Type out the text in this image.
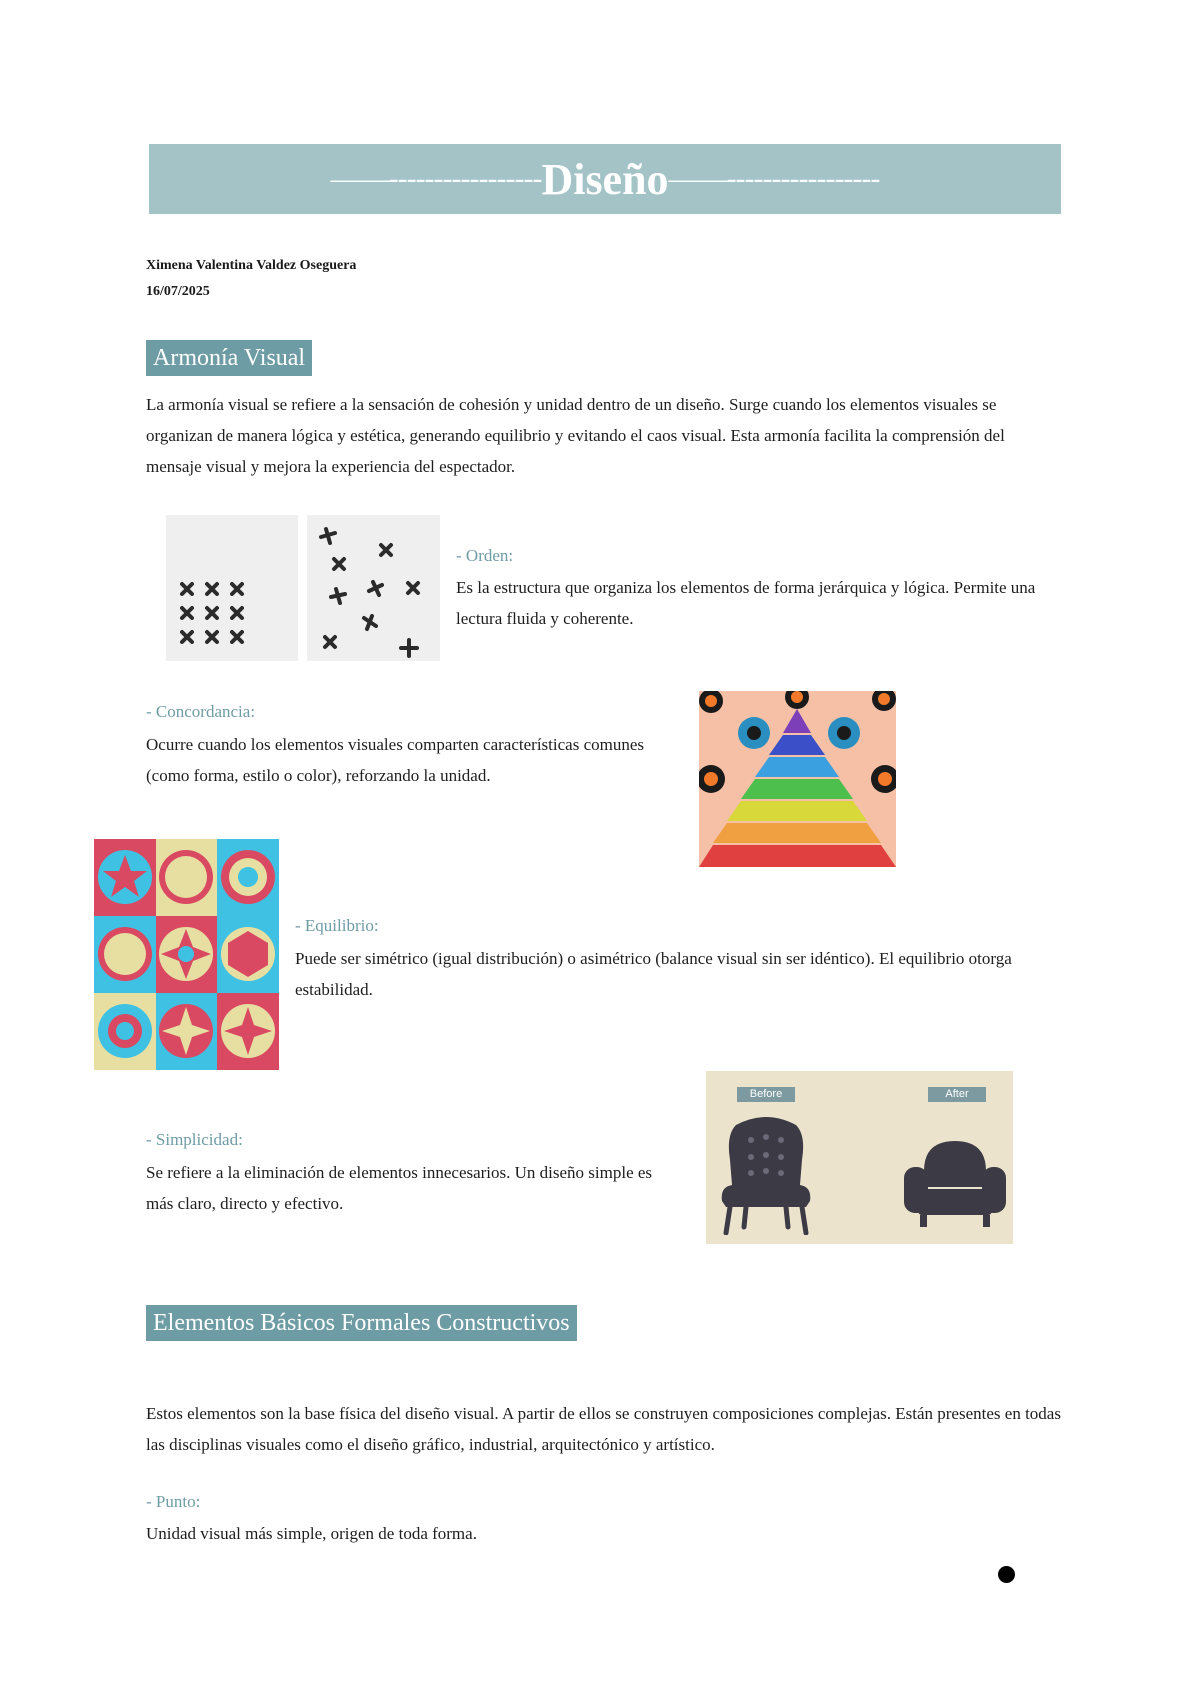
——----------------- Diseño ——-----------------
Ximena Valentina Valdez Oseguera
16/07/2025
Armonía Visual
La armonía visual se refiere a la sensación de cohesión y unidad dentro de un diseño. Surge cuando los elementos visuales se organizan de manera lógica y estética, generando equilibrio y evitando el caos visual. Esta armonía facilita la comprensión del mensaje visual y mejora la experiencia del espectador.
- Orden:
Es la estructura que organiza los elementos de forma jerárquica y lógica. Permite una lectura fluida y coherente.
- Concordancia:
Ocurre cuando los elementos visuales comparten características comunes (como forma, estilo o color), reforzando la unidad.
- Equilibrio:
Puede ser simétrico (igual distribución) o asimétrico (balance visual sin ser idéntico). El equilibrio otorga estabilidad.
- Simplicidad:
Se refiere a la eliminación de elementos innecesarios. Un diseño simple es más claro, directo y efectivo.
Before	After
Elementos Básicos Formales Constructivos
Estos elementos son la base física del diseño visual. A partir de ellos se construyen composiciones complejas. Están presentes en todas las disciplinas visuales como el diseño gráfico, industrial, arquitectónico y artístico.
- Punto:
Unidad visual más simple, origen de toda forma.
